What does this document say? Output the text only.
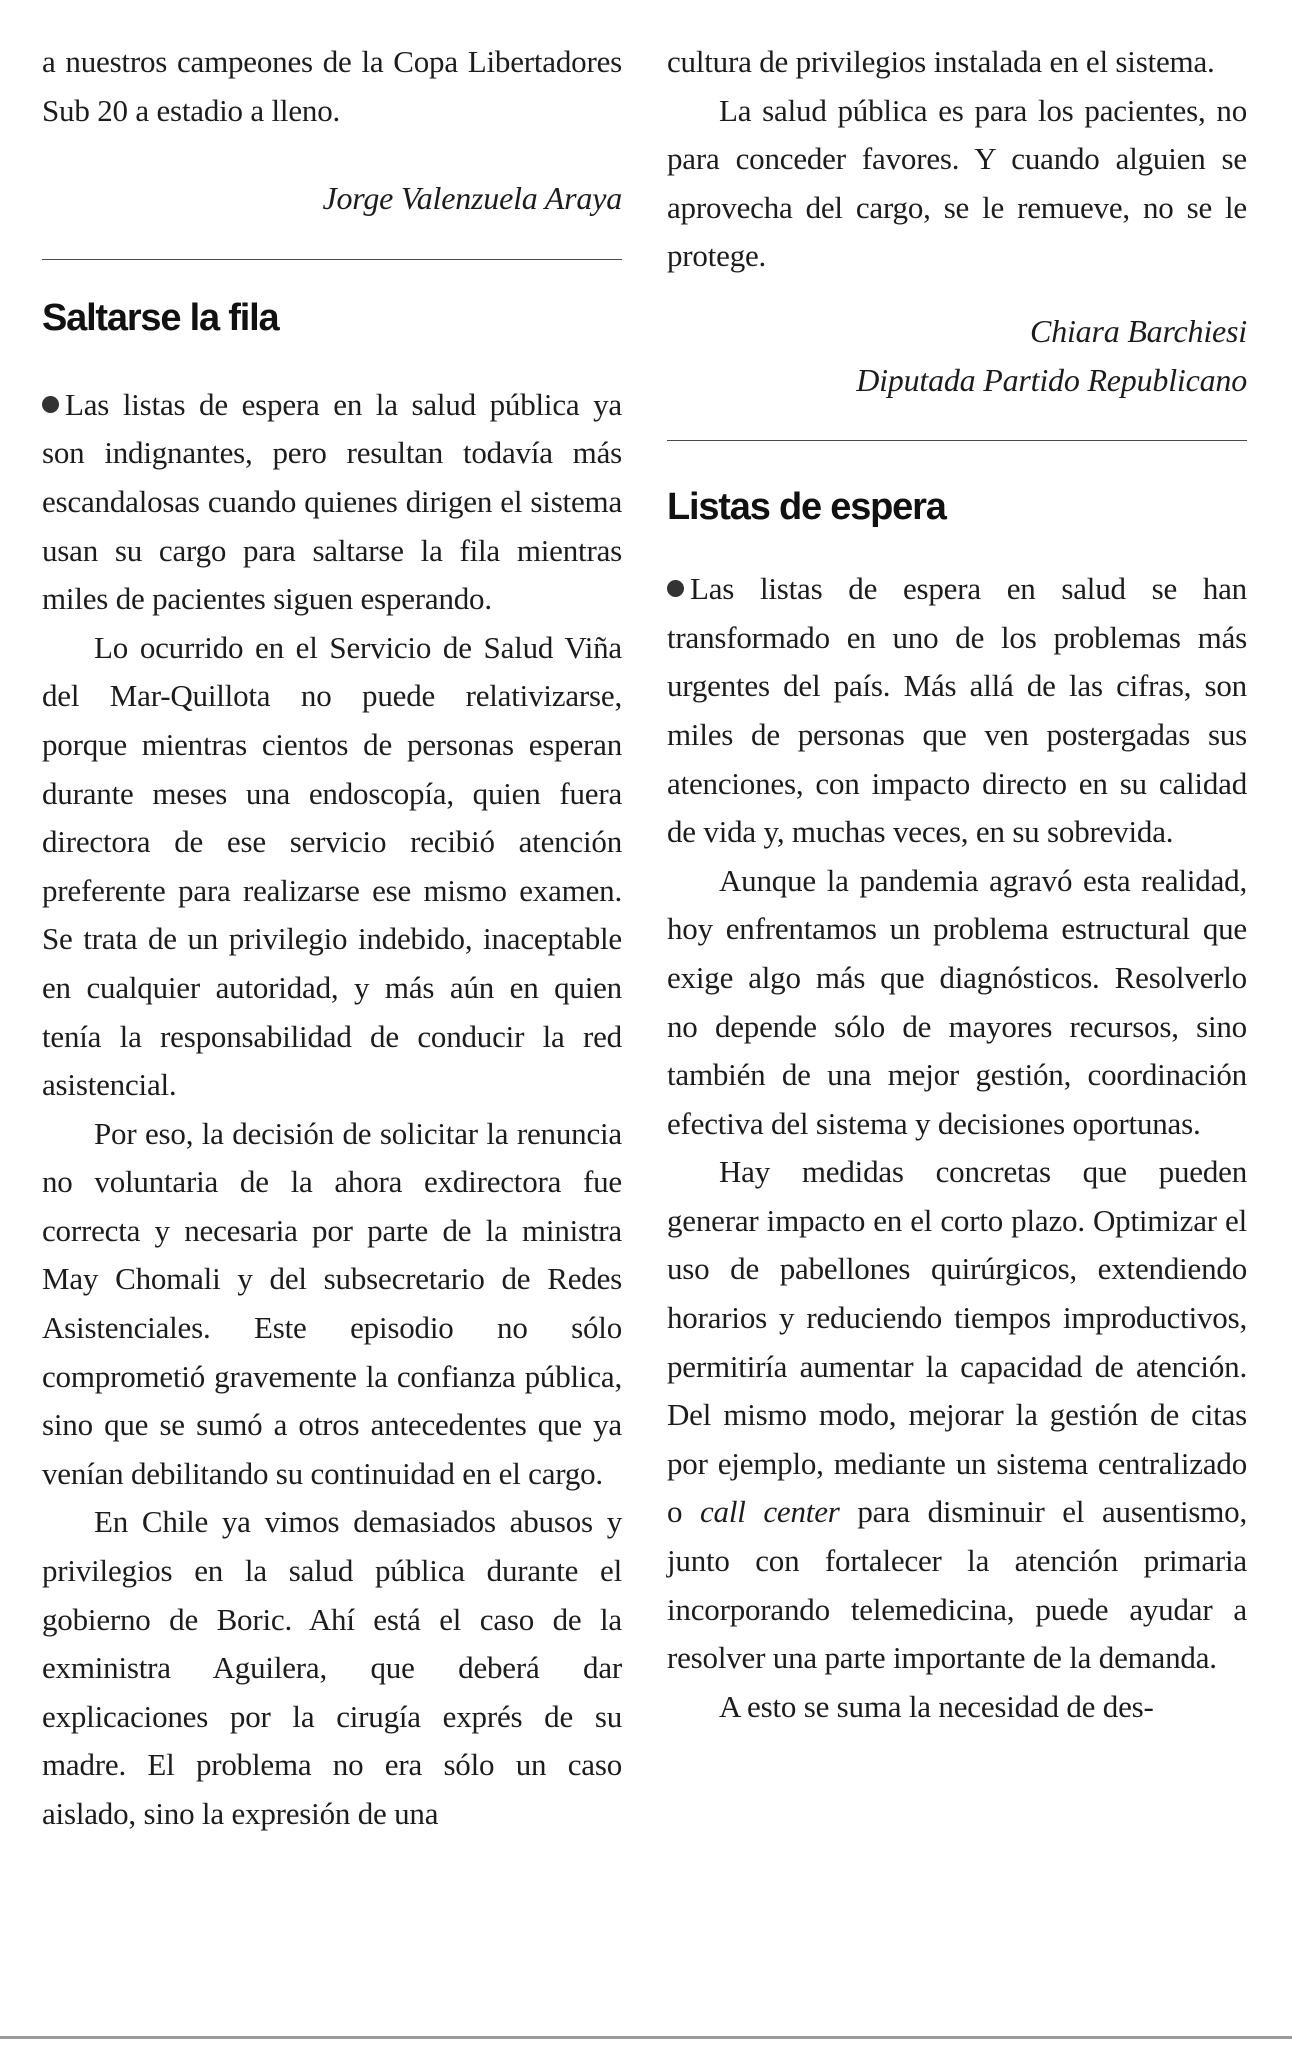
a nuestros campeones de la Copa Libertadores Sub 20 a estadio a lleno.

Jorge Valenzuela Araya

Saltarse la fila

Las listas de espera en la salud pública ya son indignantes, pero resultan todavía más escandalosas cuando quienes dirigen el sistema usan su cargo para saltarse la fila mientras miles de pacientes siguen esperando.

Lo ocurrido en el Servicio de Salud Viña del Mar-Quillota no puede relativizarse, porque mientras cientos de personas esperan durante meses una endoscopía, quien fuera directora de ese servicio recibió atención preferente para realizarse ese mismo examen. Se trata de un privilegio indebido, inaceptable en cualquier autoridad, y más aún en quien tenía la responsabilidad de conducir la red asistencial.

Por eso, la decisión de solicitar la renuncia no voluntaria de la ahora exdirectora fue correcta y necesaria por parte de la ministra May Chomali y del subsecretario de Redes Asistenciales. Este episodio no sólo comprometió gravemente la confianza pública, sino que se sumó a otros antecedentes que ya venían debilitando su continuidad en el cargo.

En Chile ya vimos demasiados abusos y privilegios en la salud pública durante el gobierno de Boric. Ahí está el caso de la exministra Aguilera, que deberá dar explicaciones por la cirugía exprés de su madre. El problema no era sólo un caso aislado, sino la expresión de una

cultura de privilegios instalada en el sistema.

La salud pública es para los pacientes, no para conceder favores. Y cuando alguien se aprovecha del cargo, se le remueve, no se le protege.

Chiara Barchiesi

Diputada Partido Republicano

Listas de espera

Las listas de espera en salud se han transformado en uno de los problemas más urgentes del país. Más allá de las cifras, son miles de personas que ven postergadas sus atenciones, con impacto directo en su calidad de vida y, muchas veces, en su sobrevida.

Aunque la pandemia agravó esta realidad, hoy enfrentamos un problema estructural que exige algo más que diagnósticos. Resolverlo no depende sólo de mayores recursos, sino también de una mejor gestión, coordinación efectiva del sistema y decisiones oportunas.

Hay medidas concretas que pueden generar impacto en el corto plazo. Optimizar el uso de pabellones quirúrgicos, extendiendo horarios y reduciendo tiempos improductivos, permitiría aumentar la capacidad de atención. Del mismo modo, mejorar la gestión de citas por ejemplo, mediante un sistema centralizado o call center para disminuir el ausentismo, junto con fortalecer la atención primaria incorporando telemedicina, puede ayudar a resolver una parte importante de la demanda.

A esto se suma la necesidad de des-
